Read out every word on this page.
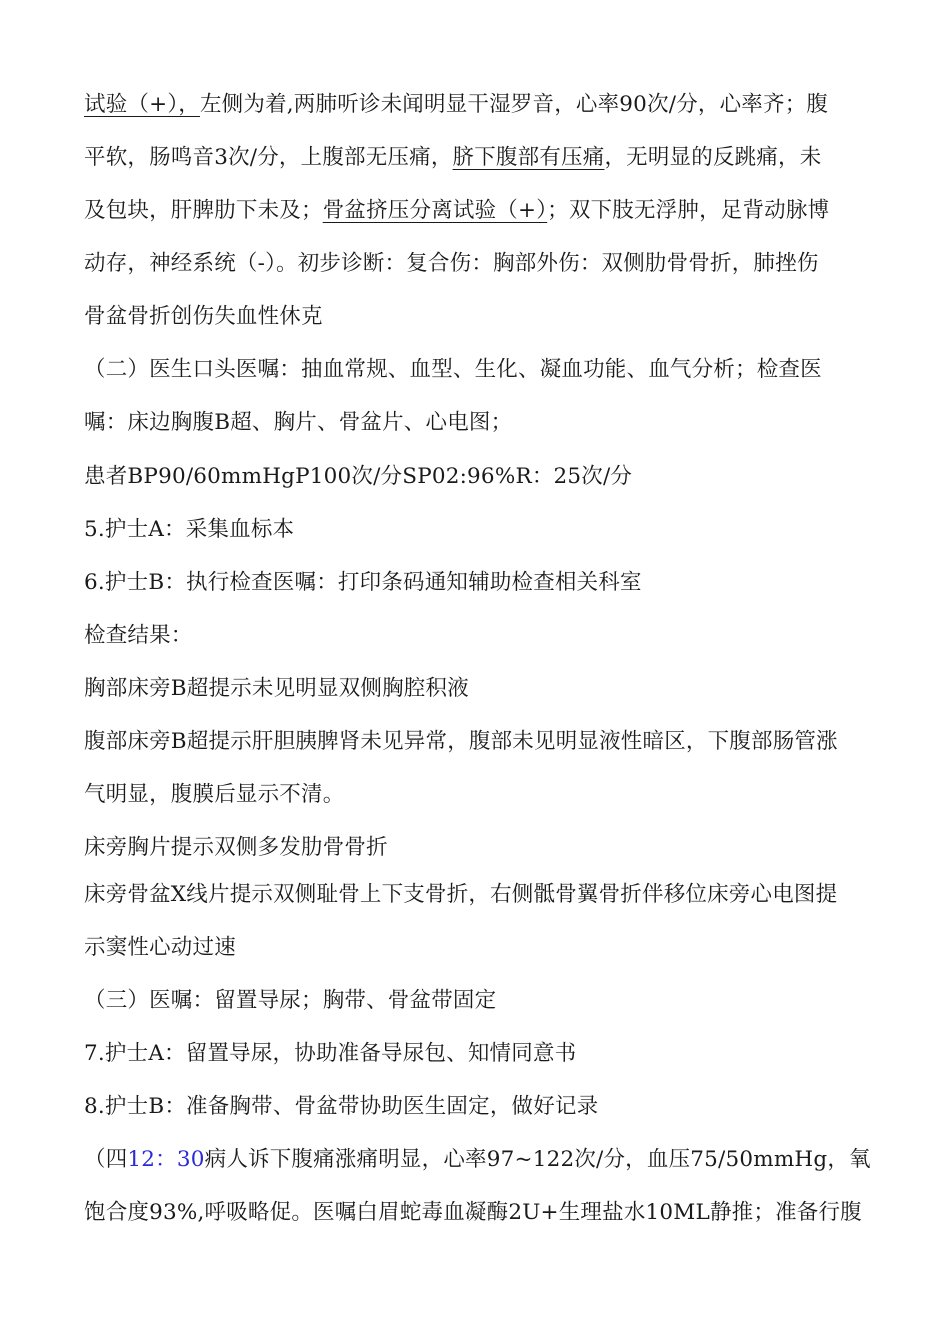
试验（+），左侧为着,两肺听诊未闻明显干湿罗音，心率90次/分，心率齐；腹
平软，肠鸣音3次/分，上腹部无压痛，脐下腹部有压痛，无明显的反跳痛，未
及包块，肝脾肋下未及；骨盆挤压分离试验（+）；双下肢无浮肿，足背动脉博
动存，神经系统（-）。初步诊断：复合伤：胸部外伤：双侧肋骨骨折，肺挫伤
骨盆骨折创伤失血性休克
（二）医生口头医嘱：抽血常规、血型、生化、凝血功能、血气分析；检查医
嘱：床边胸腹B超、胸片、骨盆片、心电图；
患者BP90/60mmHgP100次/分SP02:96%R：25次/分
5.护士A：采集血标本
6.护士B：执行检查医嘱：打印条码通知辅助检查相关科室
检查结果：
胸部床旁B超提示未见明显双侧胸腔积液
腹部床旁B超提示肝胆胰脾肾未见异常，腹部未见明显液性暗区，下腹部肠管涨
气明显，腹膜后显示不清。
床旁胸片提示双侧多发肋骨骨折
床旁骨盆X线片提示双侧耻骨上下支骨折，右侧骶骨翼骨折伴移位床旁心电图提
示窦性心动过速
（三）医嘱：留置导尿；胸带、骨盆带固定
7.护士A：留置导尿，协助准备导尿包、知情同意书
8.护士B：准备胸带、骨盆带协助医生固定，做好记录
（四12：30病人诉下腹痛涨痛明显，心率97~122次/分，血压75/50mmHg，氧
饱合度93%,呼吸略促。医嘱白眉蛇毒血凝酶2U+生理盐水10ML静推；准备行腹
